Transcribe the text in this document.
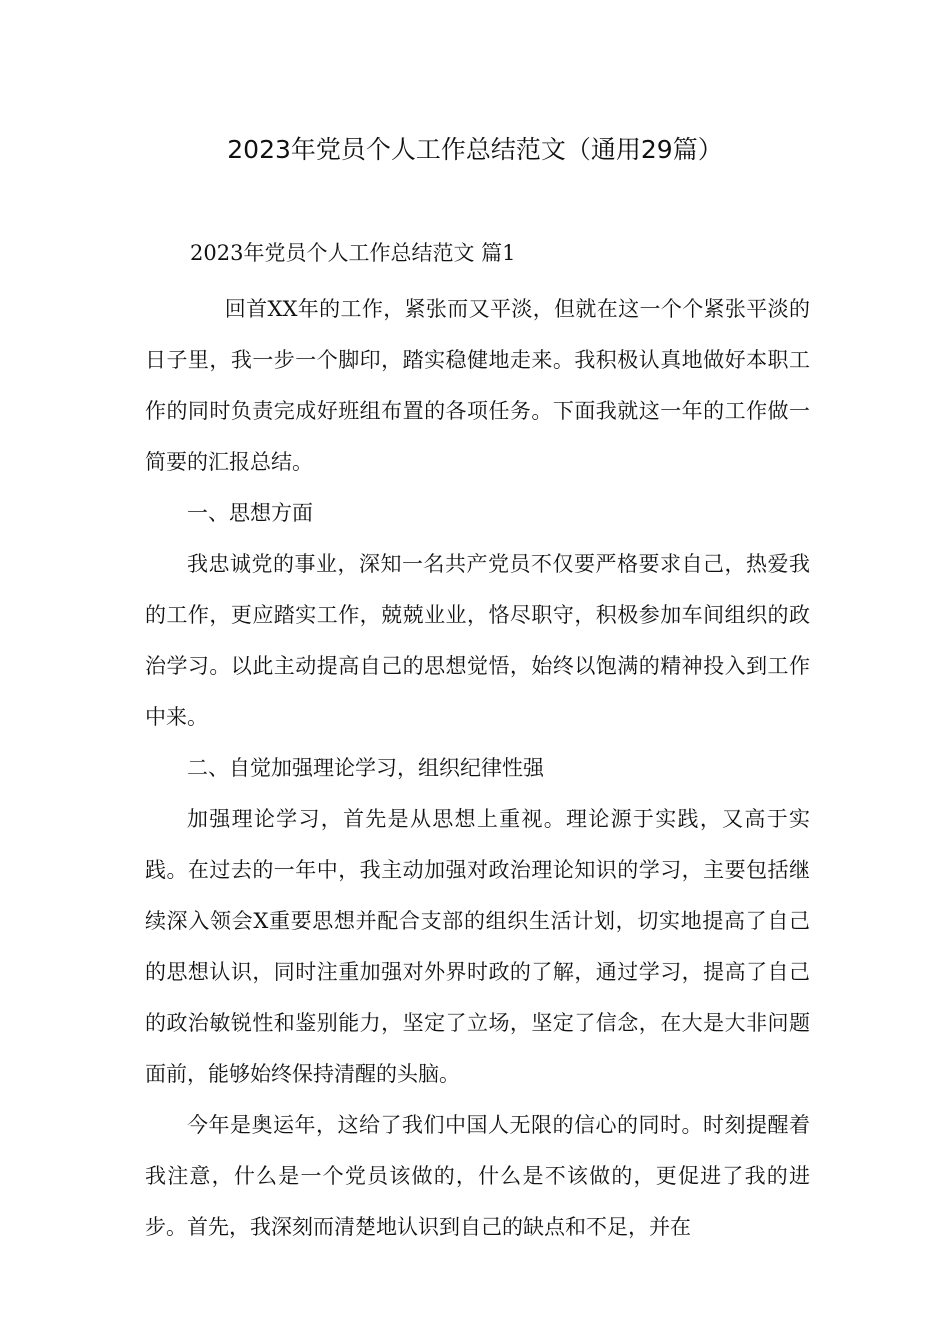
2023年党员个人工作总结范文（通用29篇）
2023年党员个人工作总结范文 篇1

回首XX年的工作，紧张而又平淡，但就在这一个个紧张平淡的日子里，我一步一个脚印，踏实稳健地走来。我积极认真地做好本职工作的同时负责完成好班组布置的各项任务。下面我就这一年的工作做一简要的汇报总结。

一、思想方面

我忠诚党的事业，深知一名共产党员不仅要严格要求自己，热爱我的工作，更应踏实工作，兢兢业业，恪尽职守，积极参加车间组织的政治学习。以此主动提高自己的思想觉悟，始终以饱满的精神投入到工作中来。

二、自觉加强理论学习，组织纪律性强

加强理论学习，首先是从思想上重视。理论源于实践，又高于实践。在过去的一年中，我主动加强对政治理论知识的学习，主要包括继续深入领会X重要思想并配合支部的组织生活计划，切实地提高了自己的思想认识，同时注重加强对外界时政的了解，通过学习，提高了自己的政治敏锐性和鉴别能力，坚定了立场，坚定了信念，在大是大非问题面前，能够始终保持清醒的头脑。

今年是奥运年，这给了我们中国人无限的信心的同时。时刻提醒着我注意，什么是一个党员该做的，什么是不该做的，更促进了我的进步。首先，我深刻而清楚地认识到自己的缺点和不足，并在
